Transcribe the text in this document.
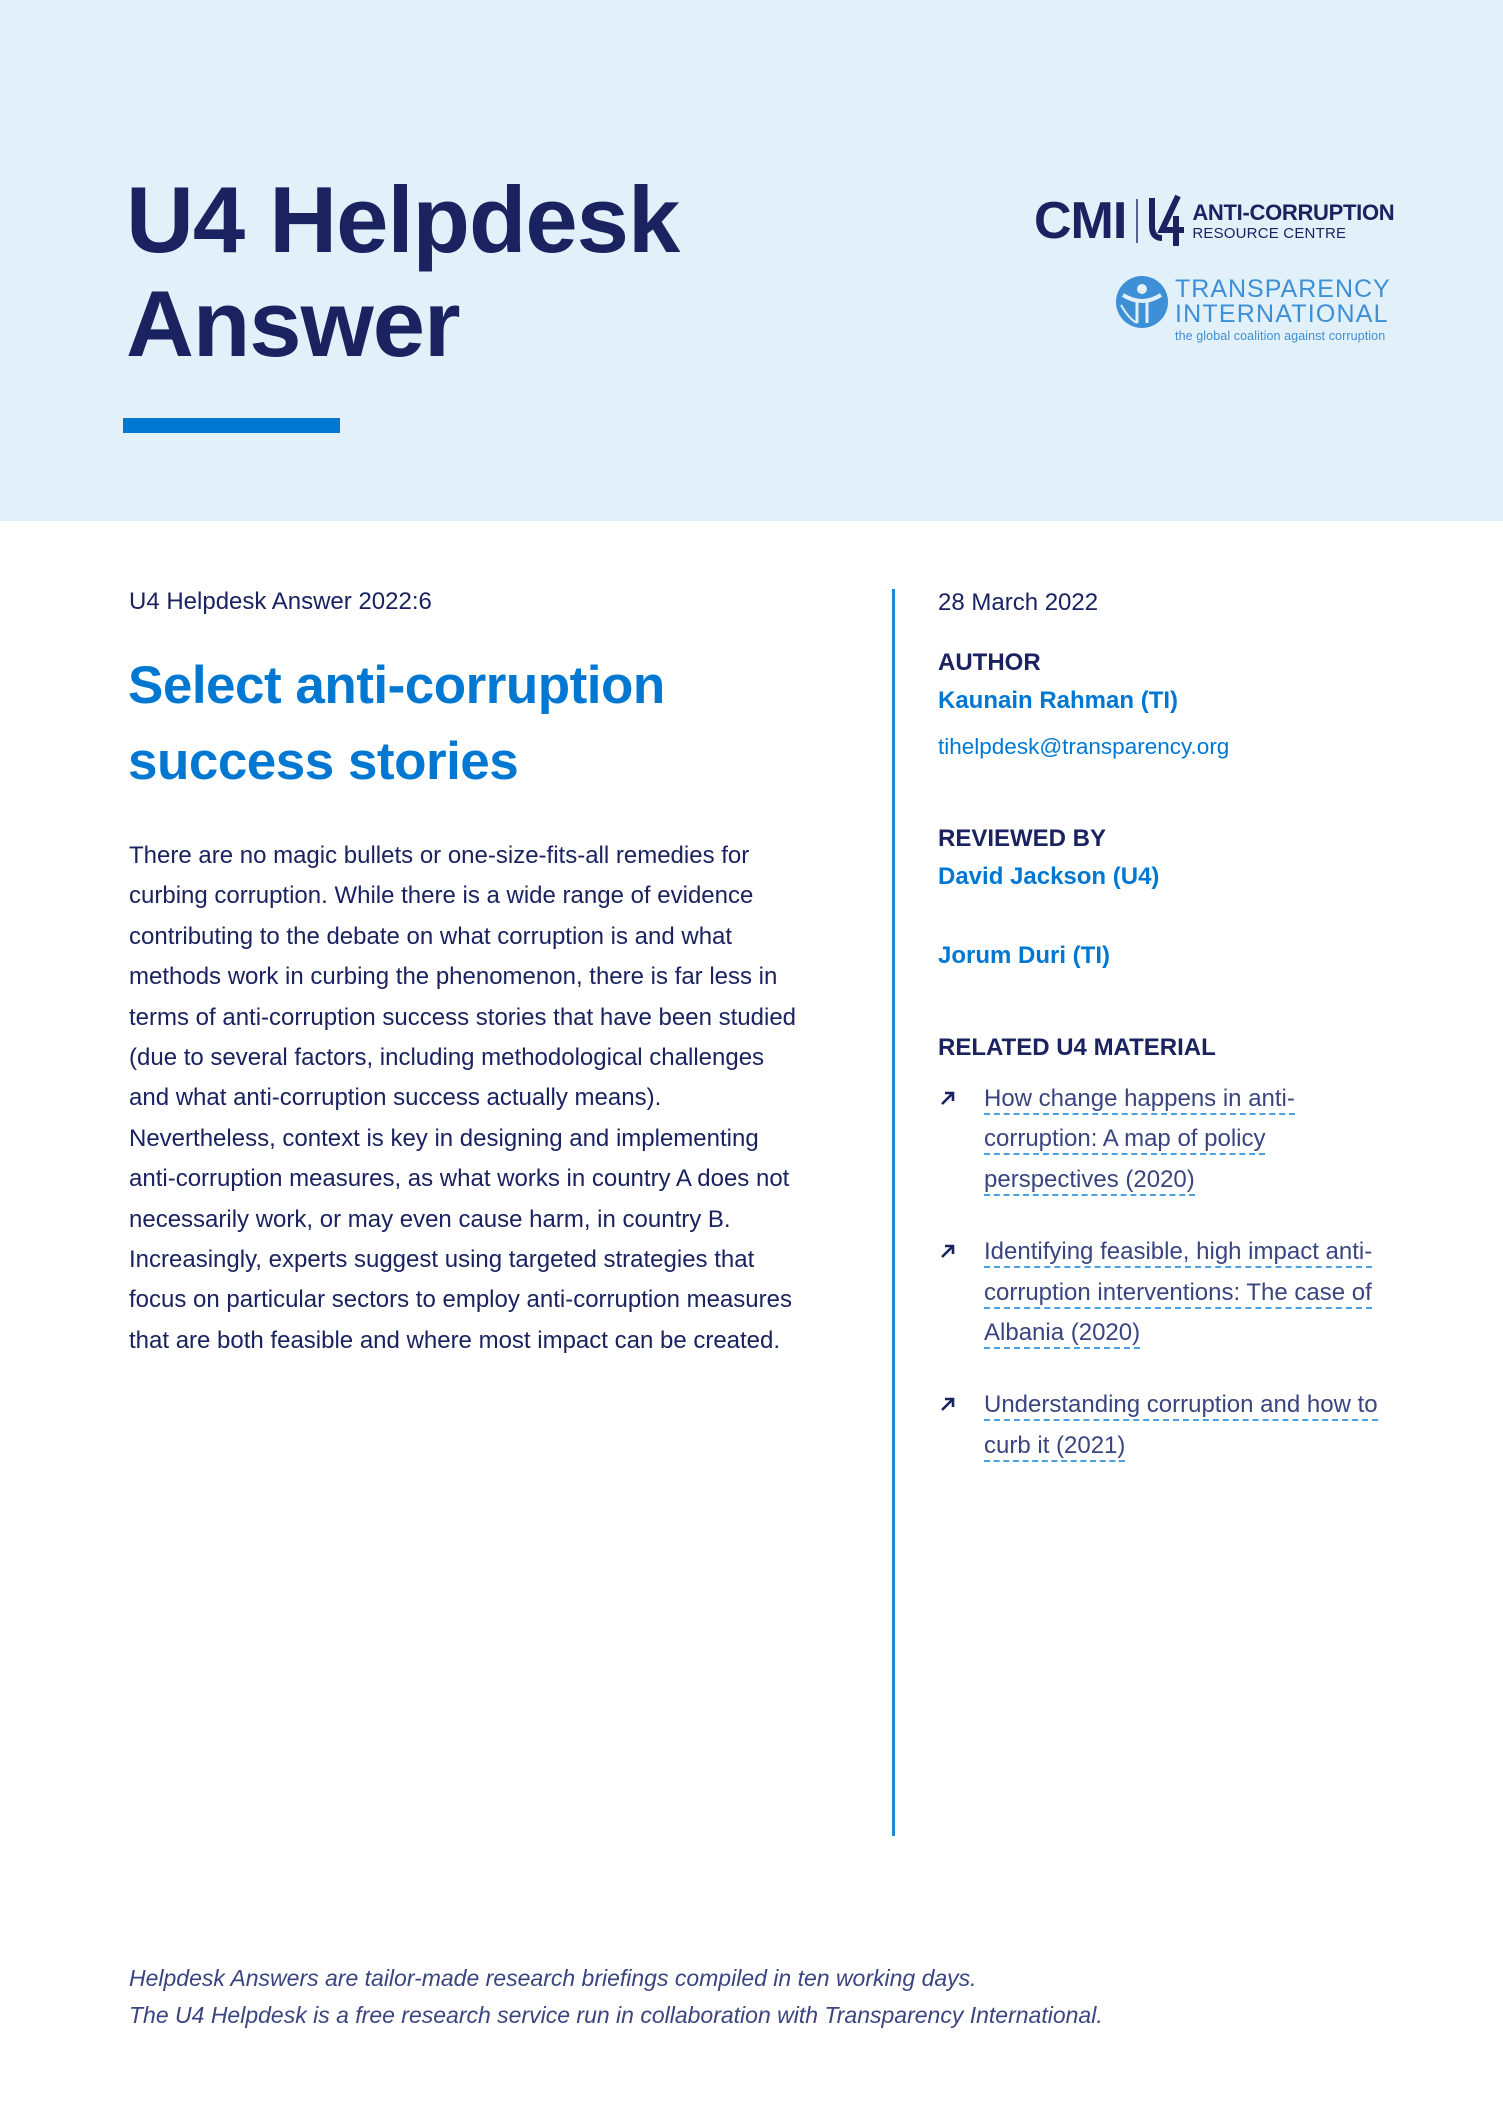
U4 Helpdesk
Answer
CMI	ANTI-CORRUPTION
RESOURCE CENTRE
TRANSPARENCY
INTERNATIONAL
the global coalition against corruption
U4 Helpdesk Answer 2022:6
Select anti-corruption success stories

There are no magic bullets or one-size-fits-all remedies for curbing corruption. While there is a wide range of evidence contributing to the debate on what corruption is and what methods work in curbing the phenomenon, there is far less in terms of anti-corruption success stories that have been studied (due to several factors, including methodological challenges and what anti-corruption success actually means). Nevertheless, context is key in designing and implementing anti-corruption measures, as what works in country A does not necessarily work, or may even cause harm, in country B. Increasingly, experts suggest using targeted strategies that focus on particular sectors to employ anti-corruption measures that are both feasible and where most impact can be created.

28 March 2022
AUTHOR
Kaunain Rahman (TI)
tihelpdesk@transparency.org
REVIEWED BY
David Jackson (U4)
Jorum Duri (TI)
RELATED U4 MATERIAL
How change happens in anti-corruption: A map of policy perspectives (2020)
Identifying feasible, high impact anti-corruption interventions: The case of Albania (2020)
Understanding corruption and how to curb it (2021)
Helpdesk Answers are tailor-made research briefings compiled in ten working days.
The U4 Helpdesk is a free research service run in collaboration with Transparency International.
